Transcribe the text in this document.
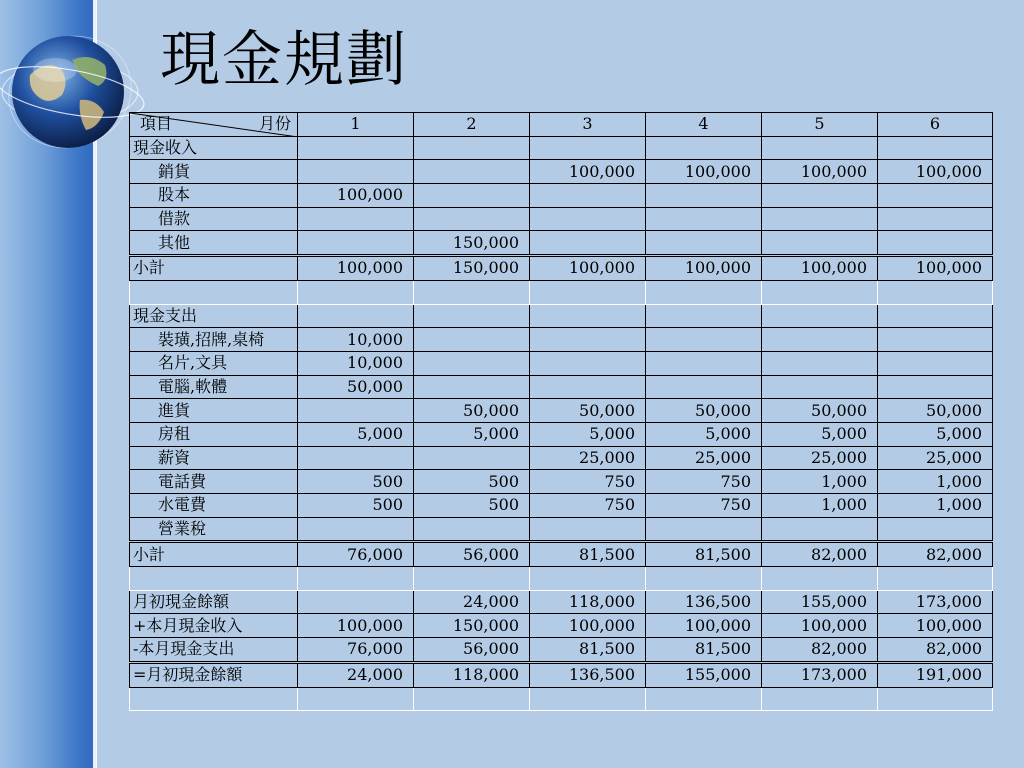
現金規劃
項目 月份	1	2	3	4	5	6
現金收入						
銷貨			100,000	100,000	100,000	100,000
股本	100,000					
借款						
其他		150,000				
小計	100,000	150,000	100,000	100,000	100,000	100,000

現金支出						
裝璜,招牌,桌椅	10,000					
名片,文具	10,000					
電腦,軟體	50,000					
進貨		50,000	50,000	50,000	50,000	50,000
房租	5,000	5,000	5,000	5,000	5,000	5,000
薪資			25,000	25,000	25,000	25,000
電話費	500	500	750	750	1,000	1,000
水電費	500	500	750	750	1,000	1,000
營業稅						
小計	76,000	56,000	81,500	81,500	82,000	82,000

月初現金餘額		24,000	118,000	136,500	155,000	173,000
+本月現金收入	100,000	150,000	100,000	100,000	100,000	100,000
-本月現金支出	76,000	56,000	81,500	81,500	82,000	82,000
=月初現金餘額	24,000	118,000	136,500	155,000	173,000	191,000
